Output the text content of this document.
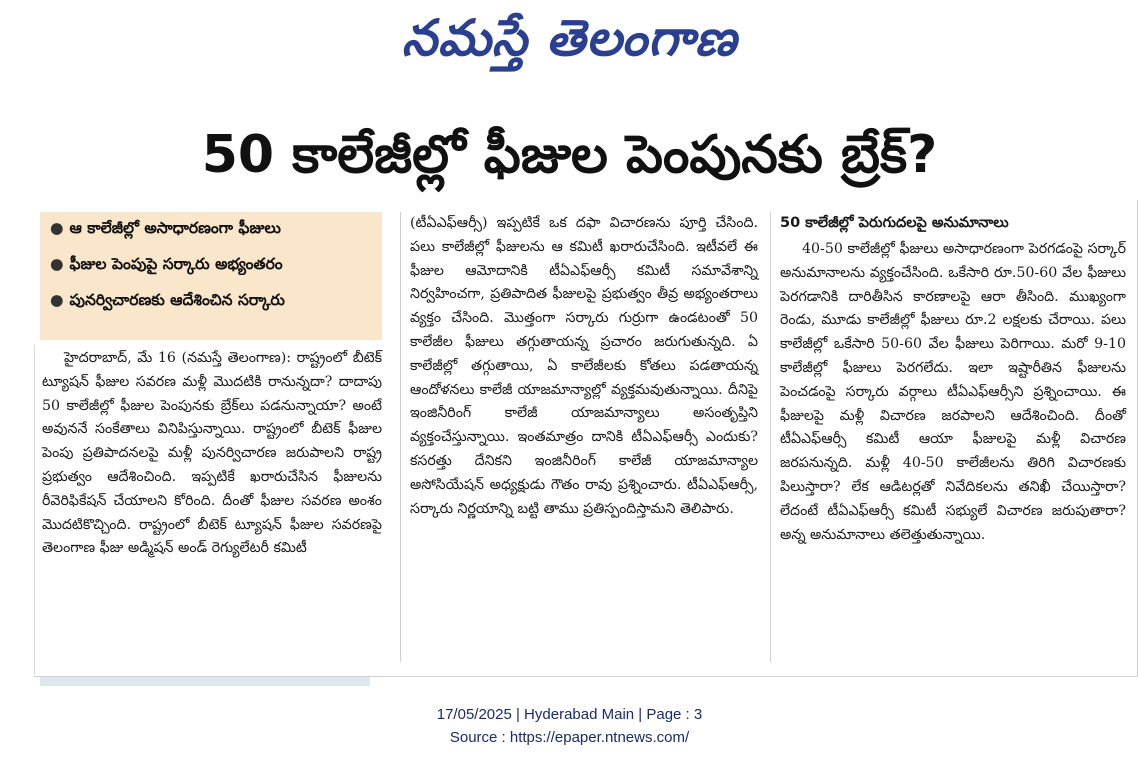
నమస్తే తెలంగాణ
50 కాలేజీల్లో ఫీజుల పెంపునకు బ్రేక్‌?
● ఆ కాలేజీల్లో అసాధారణంగా ఫీజులు
● ఫీజుల పెంపుపై సర్కారు అభ్యంతరం
● పునర్విచారణకు ఆదేశించిన సర్కారు

హైదరాబాద్‌, మే 16 (నమస్తే తెలంగాణ): రాష్ట్రంలో బీటెక్‌ ట్యూషన్‌ ఫీజుల సవరణ మళ్లీ మొదటికి రానున్నదా? దాదాపు 50 కాలేజీల్లో ఫీజుల పెంపునకు బ్రేక్‌లు పడనున్నాయా? అంటే అవుననే సంకేతాలు వినిపిస్తున్నాయి. రాష్ట్రంలో బీటెక్‌ ఫీజుల పెంపు ప్రతిపాదనలపై మళ్లీ పునర్విచారణ జరుపాలని రాష్ట్ర ప్రభుత్వం ఆదేశించింది. ఇప్పటికే ఖరారుచేసిన ఫీజులను రీవెరిఫికేషన్‌ చేయాలని కోరింది. దీంతో ఫీజుల సవరణ అంశం మొదటికొచ్చింది. రాష్ట్రంలో బీటెక్‌ ట్యూషన్‌ ఫీజుల సవరణపై తెలంగాణ ఫీజు అడ్మిషన్‌ అండ్‌ రెగ్యులేటరీ కమిటీ

(టీఏఎఫ్‌ఆర్సీ) ఇప్పటికే ఒక దఫా విచారణను పూర్తి చేసింది. పలు కాలేజీల్లో ఫీజులను ఆ కమిటీ ఖరారుచేసింది. ఇటీవలే ఈ ఫీజుల ఆమోదానికి టీఏఎఫ్‌ఆర్సీ కమిటీ సమావేశాన్ని నిర్వహించగా, ప్రతిపాదిత ఫీజులపై ప్రభుత్వం తీవ్ర అభ్యంతరాలు వ్యక్తం చేసింది. మొత్తంగా సర్కారు గుర్రుగా ఉండటంతో 50 కాలేజీల ఫీజులు తగ్గుతాయన్న ప్రచారం జరుగుతున్నది. ఏ కాలేజీల్లో తగ్గుతాయి, ఏ కాలేజీలకు కోతలు పడతాయన్న ఆందోళనలు కాలేజీ యాజమాన్యాల్లో వ్యక్తమవుతున్నాయి. దీనిపై ఇంజినీరింగ్‌ కాలేజీ యాజమాన్యాలు అసంతృప్తిని వ్యక్తంచేస్తున్నాయి. ఇంతమాత్రం దానికి టీఏఎఫ్‌ఆర్సీ ఎందుకు? కసరత్తు దేనికని ఇంజినీరింగ్‌ కాలేజీ యాజమాన్యాల అసోసియేషన్‌ అధ్యక్షుడు గౌతం రావు ప్రశ్నించారు. టీఏఎఫ్‌ఆర్సీ, సర్కారు నిర్ణయాన్ని బట్టి తాము ప్రతిస్పందిస్తామని తెలిపారు.

50 కాలేజీల్లో పెరుగుదలపై అనుమానాలు

40-50 కాలేజీల్లో ఫీజులు అసాధారణంగా పెరగడంపై సర్కార్‌ అనుమానాలను వ్యక్తంచేసింది. ఒకేసారి రూ.50-60 వేల ఫీజులు పెరగడానికి దారితీసిన కారణాలపై ఆరా తీసింది. ముఖ్యంగా రెండు, మూడు కాలేజీల్లో ఫీజులు రూ.2 లక్షలకు చేరాయి. పలు కాలేజీల్లో ఒకేసారి 50-60 వేల ఫీజులు పెరిగాయి. మరో 9-10 కాలేజీల్లో ఫీజులు పెరగలేదు. ఇలా ఇష్టారీతిన ఫీజులను పెంచడంపై సర్కారు వర్గాలు టీఏఎఫ్‌ఆర్సీని ప్రశ్నించాయి. ఈ ఫీజులపై మళ్లీ విచారణ జరపాలని ఆదేశించింది. దీంతో టీఏఎఫ్‌ఆర్సీ కమిటీ ఆయా ఫీజులపై మళ్లీ విచారణ జరపనున్నది. మళ్లీ 40-50 కాలేజీలను తిరిగి విచారణకు పిలుస్తారా? లేక ఆడిటర్లతో నివేదికలను తనిఖీ చేయిస్తారా? లేదంటే టీఏఎఫ్‌ఆర్సీ కమిటీ సభ్యులే విచారణ జరుపుతారా? అన్న అనుమానాలు తలెత్తుతున్నాయి.

17/05/2025 | Hyderabad Main | Page : 3
Source : https://epaper.ntnews.com/
